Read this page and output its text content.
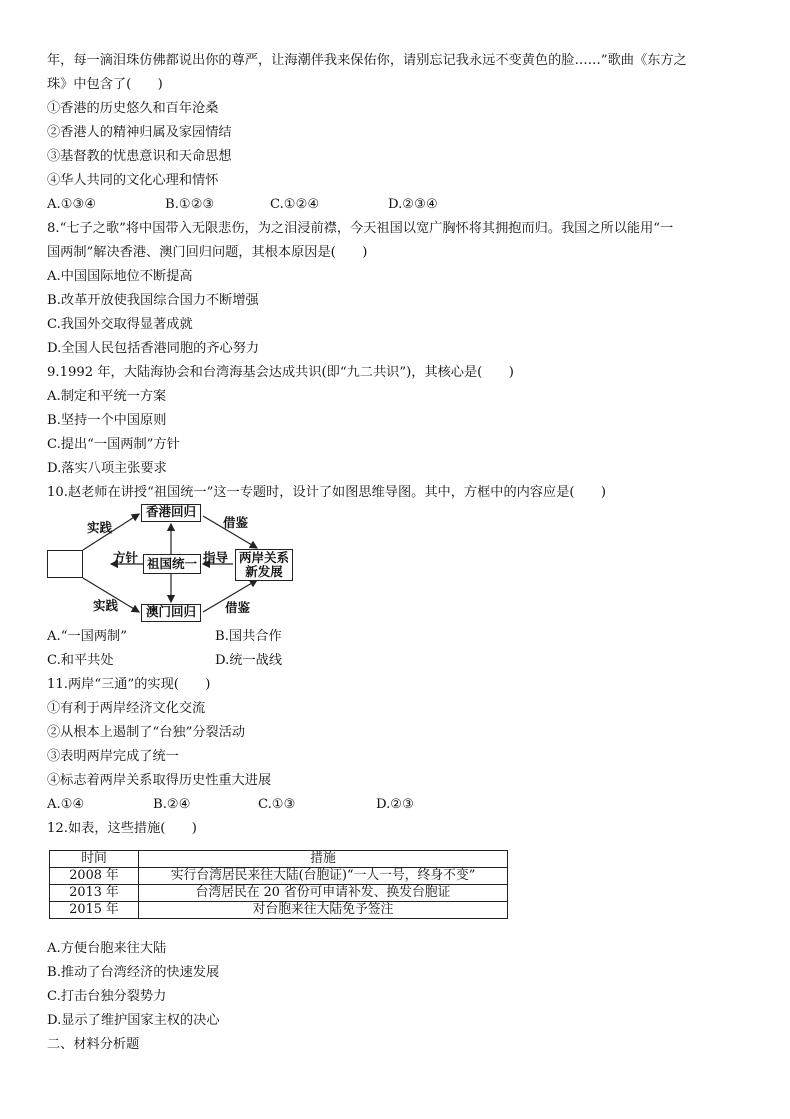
年，每一滴泪珠仿佛都说出你的尊严，让海潮伴我来保佑你，请别忘记我永远不变黄色的脸……”歌曲《东方之
珠》中包含了(　　)
①香港的历史悠久和百年沧桑
②香港人的精神归属及家园情结
③基督教的忧患意识和天命思想
④华人共同的文化心理和情怀
A.①③④	B.①②③	C.①②④	D.②③④
8.“七子之歌”将中国带入无限悲伤，为之泪浸前襟，今天祖国以宽广胸怀将其拥抱而归。我国之所以能用“一
国两制”解决香港、澳门回归问题，其根本原因是(　　)
A.中国国际地位不断提高
B.改革开放使我国综合国力不断增强
C.我国外交取得显著成就
D.全国人民包括香港同胞的齐心努力
9.1992 年，大陆海协会和台湾海基会达成共识(即“九二共识”)，其核心是(　　)
A.制定和平统一方案
B.坚持一个中国原则
C.提出“一国两制”方针
D.落实八项主张要求
10.赵老师在讲授“祖国统一”这一专题时，设计了如图思维导图。其中，方框中的内容应是(　　)
A.“一国两制”	B.国共合作
C.和平共处	D.统一战线
11.两岸“三通”的实现(　　)
①有利于两岸经济文化交流
②从根本上遏制了“台独”分裂活动
③表明两岸完成了统一
④标志着两岸关系取得历史性重大进展
A.①④	B.②④	C.①③	D.②③
12.如表，这些措施(　　)
A.方便台胞来往大陆
B.推动了台湾经济的快速发展
C.打击台独分裂势力
D.显示了维护国家主权的决心
二、材料分析题
香港回归
祖国统一	两岸关系
新发展
澳门回归
实践
实践
方针	指导
借鉴
借鉴
时间	措施
2008 年	实行台湾居民来往大陆(台胞证)“一人一号，终身不变”
2013 年	台湾居民在 20 省份可申请补发、换发台胞证
2015 年	对台胞来往大陆免予签注
